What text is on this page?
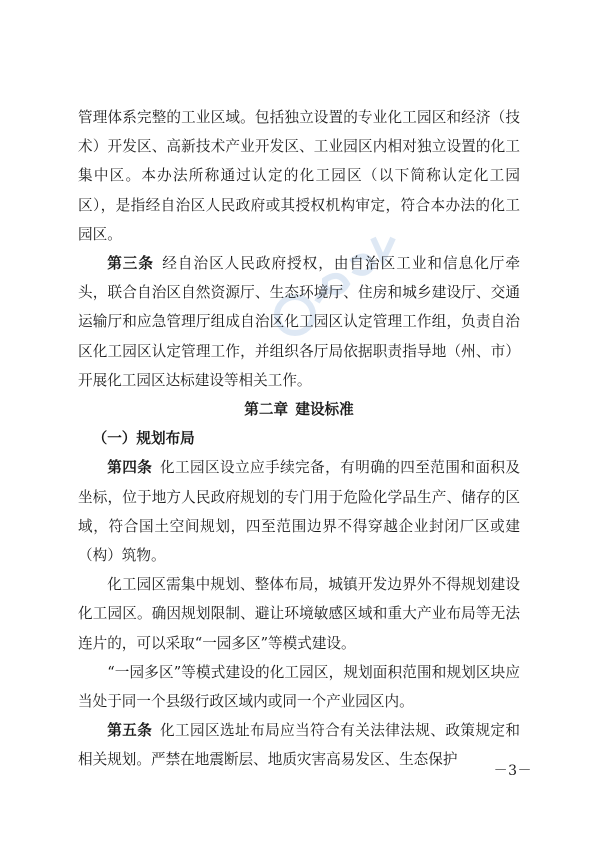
管理体系完整的工业区域。包括独立设置的专业化工园区和经济（技术）开发区、高新技术产业开发区、工业园区内相对独立设置的化工集中区。本办法所称通过认定的化工园区（以下简称认定化工园区），是指经自治区人民政府或其授权机构审定，符合本办法的化工园区。

第三条  经自治区人民政府授权，由自治区工业和信息化厅牵头，联合自治区自然资源厅、生态环境厅、住房和城乡建设厅、交通运输厅和应急管理厅组成自治区化工园区认定管理工作组，负责自治区化工园区认定管理工作，并组织各厅局依据职责指导地（州、市）开展化工园区达标建设等相关工作。

第二章 建设标准

（一）规划布局

第四条  化工园区设立应手续完备，有明确的四至范围和面积及坐标，位于地方人民政府规划的专门用于危险化学品生产、储存的区域，符合国土空间规划，四至范围边界不得穿越企业封闭厂区或建（构）筑物。

化工园区需集中规划、整体布局，城镇开发边界外不得规划建设化工园区。确因规划限制、避让环境敏感区域和重大产业布局等无法连片的，可以采取“一园多区”等模式建设。

“一园多区”等模式建设的化工园区，规划面积范围和规划区块应当处于同一个县级行政区域内或同一个产业园区内。

第五条  化工园区选址布局应当符合有关法律法规、政策规定和相关规划。严禁在地震断层、地质灾害高易发区、生态保护

－3－
